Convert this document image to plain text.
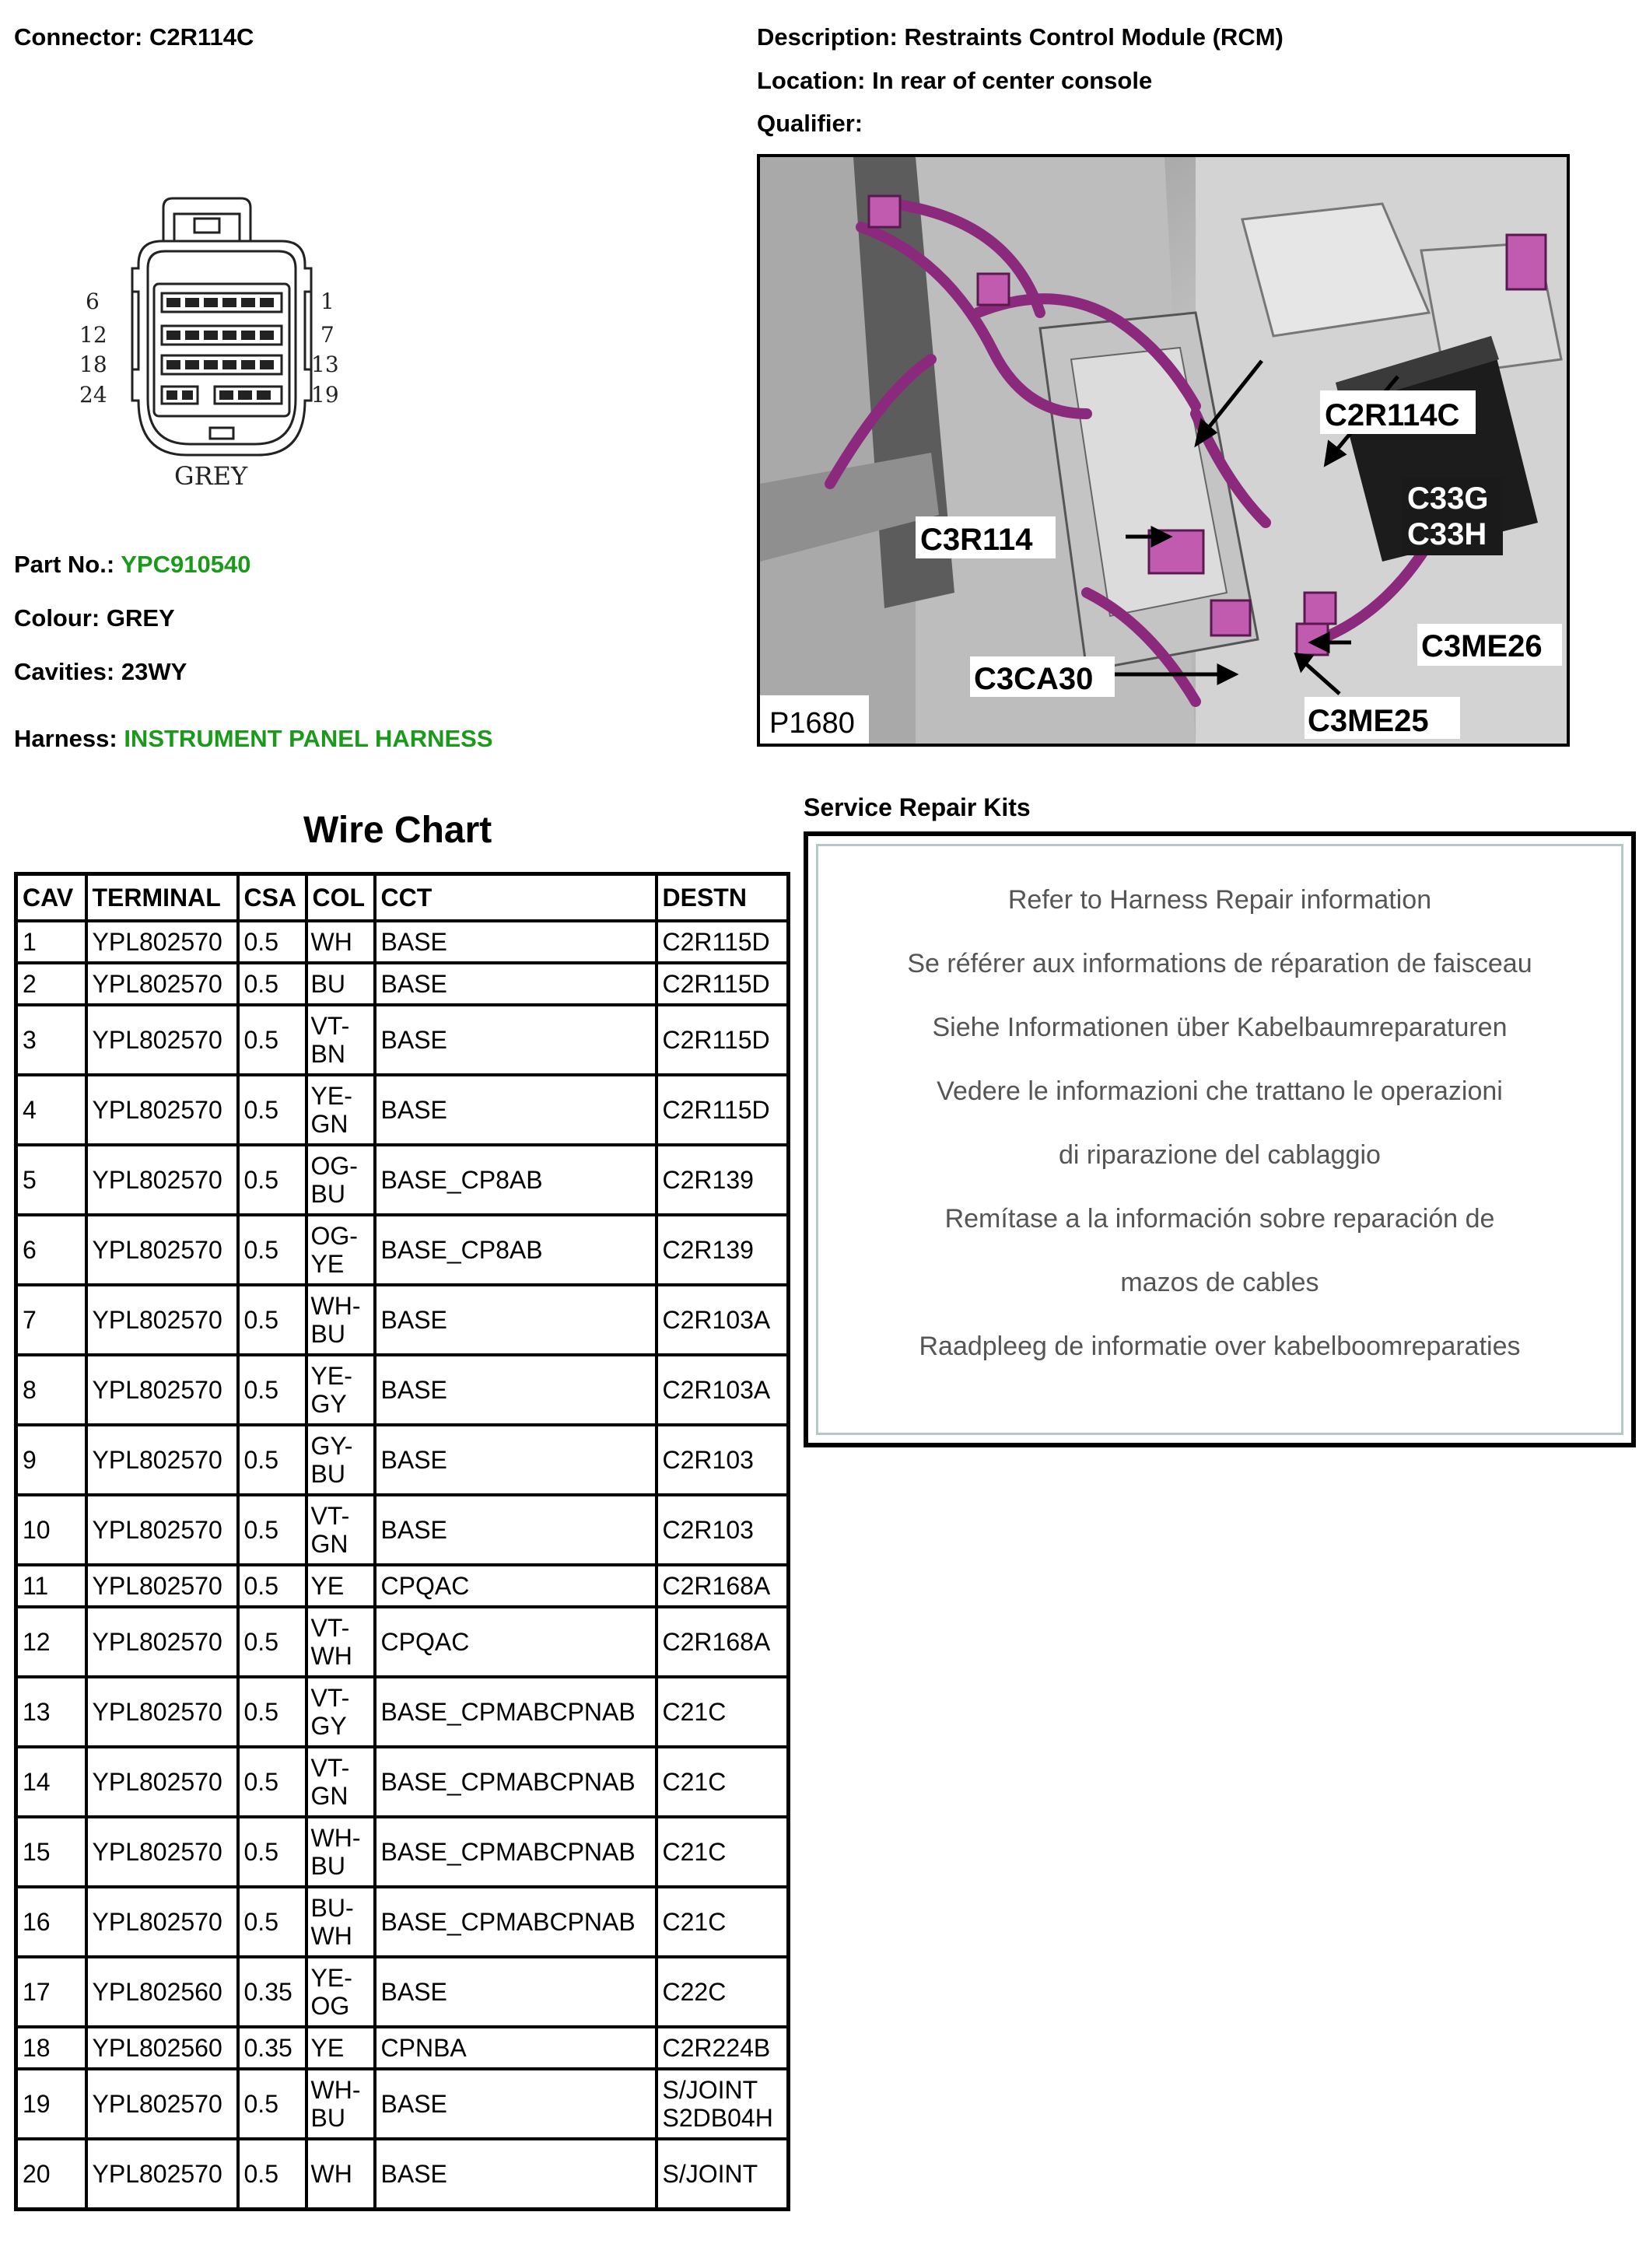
Connector: C2R114C	Description: Restraints Control Module (RCM)
Location: In rear of center console
Qualifier:
6
12
18
24
1
7
13
19
GREY
Part No.: YPC910540
Colour: GREY
Cavities: 23WY
Harness: INSTRUMENT PANEL HARNESS
C2R114C
C33G
C33H
C3R114
C3ME26
C3CA30
C3ME25
P1680
Wire Chart
CAV	TERMINAL	CSA	COL	CCT	DESTN
1	YPL802570	0.5	WH	BASE	C2R115D
2	YPL802570	0.5	BU	BASE	C2R115D
3	YPL802570	0.5	VT-
BN	BASE	C2R115D
4	YPL802570	0.5	YE-
GN	BASE	C2R115D
5	YPL802570	0.5	OG-
BU	BASE_CP8AB	C2R139
6	YPL802570	0.5	OG-
YE	BASE_CP8AB	C2R139
7	YPL802570	0.5	WH-
BU	BASE	C2R103A
8	YPL802570	0.5	YE-
GY	BASE	C2R103A
9	YPL802570	0.5	GY-
BU	BASE	C2R103
10	YPL802570	0.5	VT-
GN	BASE	C2R103
11	YPL802570	0.5	YE	CPQAC	C2R168A
12	YPL802570	0.5	VT-
WH	CPQAC	C2R168A
13	YPL802570	0.5	VT-
GY	BASE_CPMABCPNAB	C21C
14	YPL802570	0.5	VT-
GN	BASE_CPMABCPNAB	C21C
15	YPL802570	0.5	WH-
BU	BASE_CPMABCPNAB	C21C
16	YPL802570	0.5	BU-
WH	BASE_CPMABCPNAB	C21C
17	YPL802560	0.35	YE-
OG	BASE	C22C
18	YPL802560	0.35	YE	CPNBA	C2R224B
19	YPL802570	0.5	WH-
BU	BASE	S/JOINT
S2DB04H
20	YPL802570	0.5	WH	BASE	S/JOINT
Service Repair Kits
Refer to Harness Repair information
Se référer aux informations de réparation de faisceau
Siehe Informationen über Kabelbaumreparaturen
Vedere le informazioni che trattano le operazioni
di riparazione del cablaggio
Remítase a la información sobre reparación de
mazos de cables
Raadpleeg de informatie over kabelboomreparaties
